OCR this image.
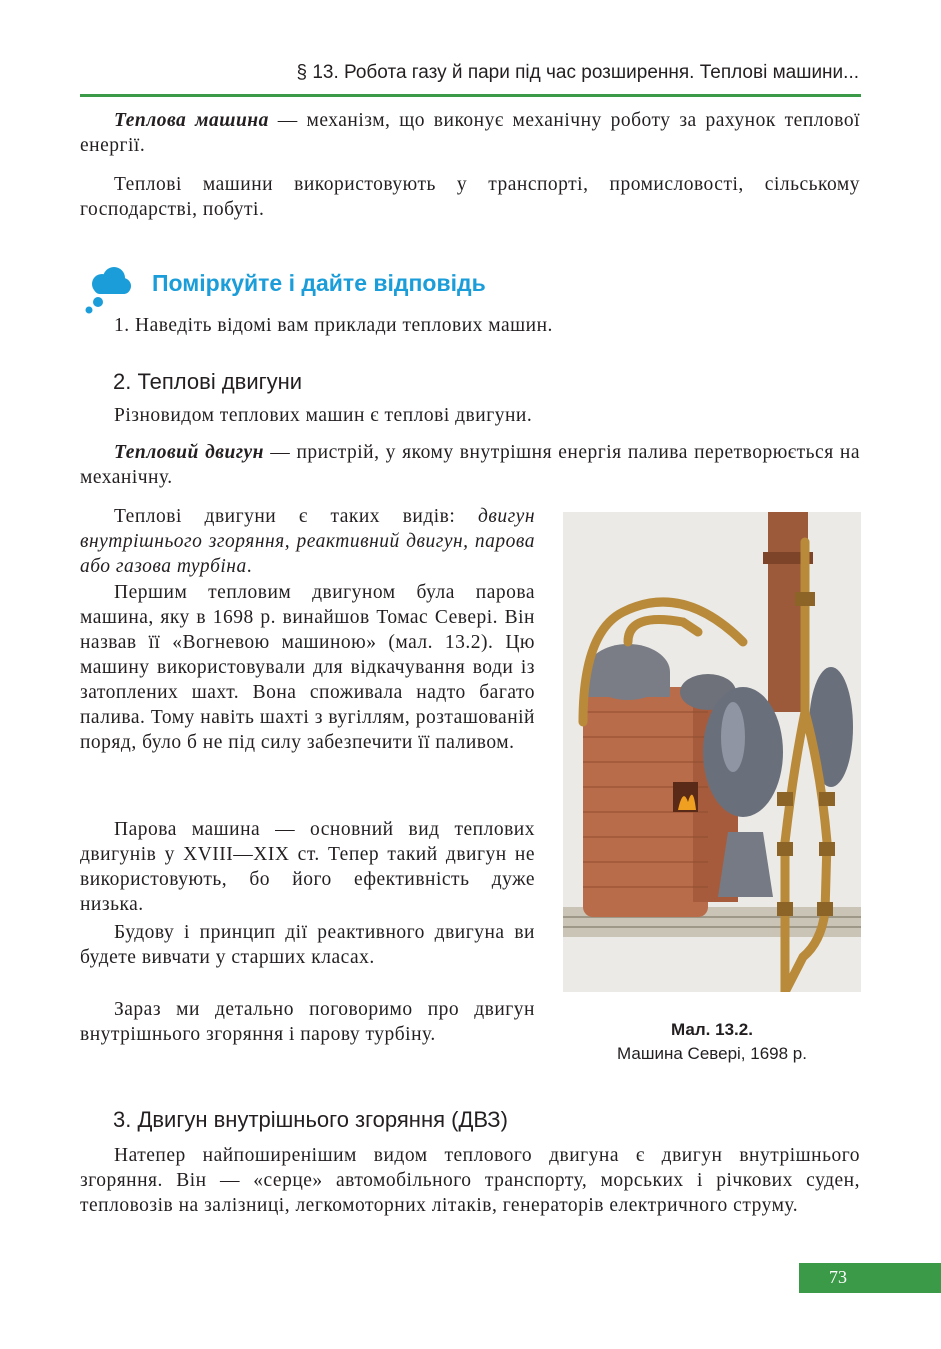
§ 13. Робота газу й пари під час розширення. Теплові машини...

Теплова машина — механізм, що виконує механічну роботу за рахунок теплової енергії.

Теплові машини використовують у транспорті, промисловості, сільському господарстві, побуті.

Поміркуйте і дайте відповідь

1. Наведіть відомі вам приклади теплових машин.

2. Теплові двигуни

Різновидом теплових машин є теплові двигуни.

Тепловий двигун — пристрій, у якому внутрішня енергія палива перетворюється на механічну.

Теплові двигуни є таких видів: двигун внутрішнього згоряння, реактивний двигун, парова або газова турбіна.

Першим тепловим двигуном була парова машина, яку в 1698 р. винайшов Томас Севері. Він назвав її «Вогневою машиною» (мал. 13.2). Цю машину використовували для відкачування води із затоплених шахт. Вона споживала надто багато палива. Тому навіть шахті з вугіллям, розташованій поряд, було б не під силу забезпечити її паливом.

Парова машина — основний вид теплових двигунів у XVIII—XIX ст. Тепер такий двигун не використовують, бо його ефективність дуже низька.

Будову і принцип дії реактивного двигуна ви будете вивчати у старших класах.

Зараз ми детально поговоримо про двигун внутрішнього згоряння і парову турбіну.	Мал. 13.2.
Машина Севері, 1698 р.
3. Двигун внутрішнього згоряння (ДВЗ)

Натепер найпоширенішим видом теплового двигуна є двигун внутрішнього згоряння. Він — «серце» автомобільного транспорту, морських і річкових суден, тепловозів на залізниці, легкомоторних літаків, генераторів електричного струму.

73
